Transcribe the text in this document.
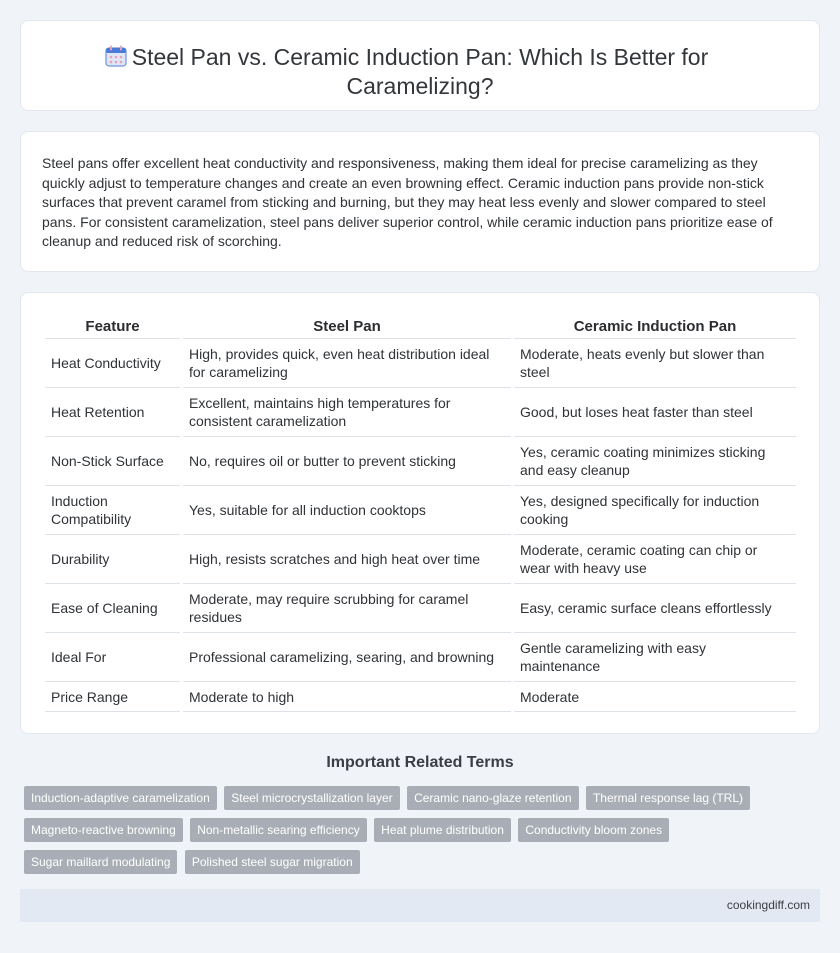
Steel Pan vs. Ceramic Induction Pan: Which Is Better for Caramelizing?

Steel pans offer excellent heat conductivity and responsiveness, making them ideal for precise caramelizing as they quickly adjust to temperature changes and create an even browning effect. Ceramic induction pans provide non-stick surfaces that prevent caramel from sticking and burning, but they may heat less evenly and slower compared to steel pans. For consistent caramelization, steel pans deliver superior control, while ceramic induction pans prioritize ease of cleanup and reduced risk of scorching.

Feature	Steel Pan	Ceramic Induction Pan
Heat Conductivity	High, provides quick, even heat distribution ideal for caramelizing	Moderate, heats evenly but slower than steel
Heat Retention	Excellent, maintains high temperatures for consistent caramelization	Good, but loses heat faster than steel
Non-Stick Surface	No, requires oil or butter to prevent sticking	Yes, ceramic coating minimizes sticking and easy cleanup
Induction Compatibility	Yes, suitable for all induction cooktops	Yes, designed specifically for induction cooking
Durability	High, resists scratches and high heat over time	Moderate, ceramic coating can chip or wear with heavy use
Ease of Cleaning	Moderate, may require scrubbing for caramel residues	Easy, ceramic surface cleans effortlessly
Ideal For	Professional caramelizing, searing, and browning	Gentle caramelizing with easy maintenance
Price Range	Moderate to high	Moderate
Important Related Terms
Induction-adaptive caramelization Steel microcrystallization layer Ceramic nano-glaze retention Thermal response lag (TRL) Magneto-reactive browning Non-metallic searing efficiency Heat plume distribution Conductivity bloom zones Sugar maillard modulating Polished steel sugar migration
cookingdiff.com
